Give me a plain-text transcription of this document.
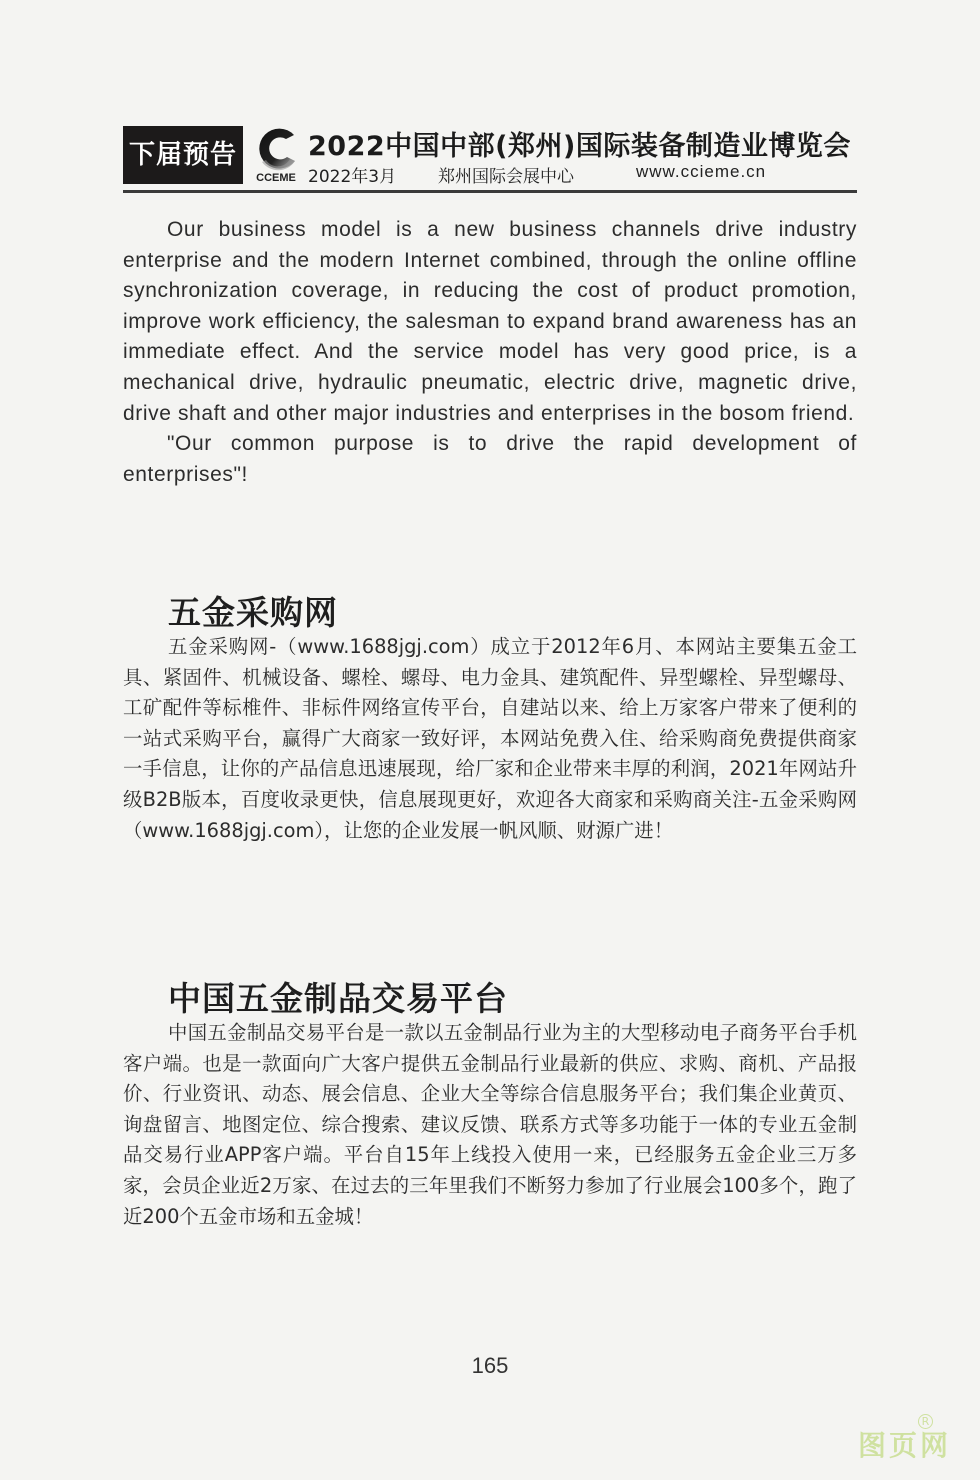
下届预告
CCEME
2022中国中部(郑州)国际装备制造业博览会
2022年3月 郑州国际会展中心	www.ccieme.cn

Our business model is a new business channels drive industry enterprise and the modern Internet combined, through the online offline synchronization coverage, in reducing the cost of product promotion, improve work efficiency, the salesman to expand brand awareness has an immediate effect. And the service model has very good price, is a mechanical drive, hydraulic pneumatic, electric drive, magnetic drive, drive shaft and other major industries and enterprises in the bosom friend.

"Our common purpose is to drive the rapid development of enterprises"!

五金采购网

五金采购网-（www.1688jgj.com）成立于2012年6月、本网站主要集五金工具、紧固件、机械设备、螺栓、螺母、电力金具、建筑配件、异型螺栓、异型螺母、工矿配件等标椎件、非标件网络宣传平台，自建站以来、给上万家客户带来了便利的一站式采购平台，赢得广大商家一致好评，本网站免费入住、给采购商免费提供商家一手信息，让你的产品信息迅速展现，给厂家和企业带来丰厚的利润，2021年网站升级B2B版本，百度收录更快，信息展现更好，欢迎各大商家和采购商关注-五金采购网（www.1688jgj.com），让您的企业发展一帆风顺、财源广进！

中国五金制品交易平台

中国五金制品交易平台是一款以五金制品行业为主的大型移动电子商务平台手机客户端。也是一款面向广大客户提供五金制品行业最新的供应、求购、商机、产品报价、行业资讯、动态、展会信息、企业大全等综合信息服务平台；我们集企业黄页、询盘留言、地图定位、综合搜索、建议反馈、联系方式等多功能于一体的专业五金制品交易行业APP客户端。平台自15年上线投入使用一来，已经服务五金企业三万多家，会员企业近2万家、在过去的三年里我们不断努力参加了行业展会100多个，跑了近200个五金市场和五金城！

165
图页网
R
